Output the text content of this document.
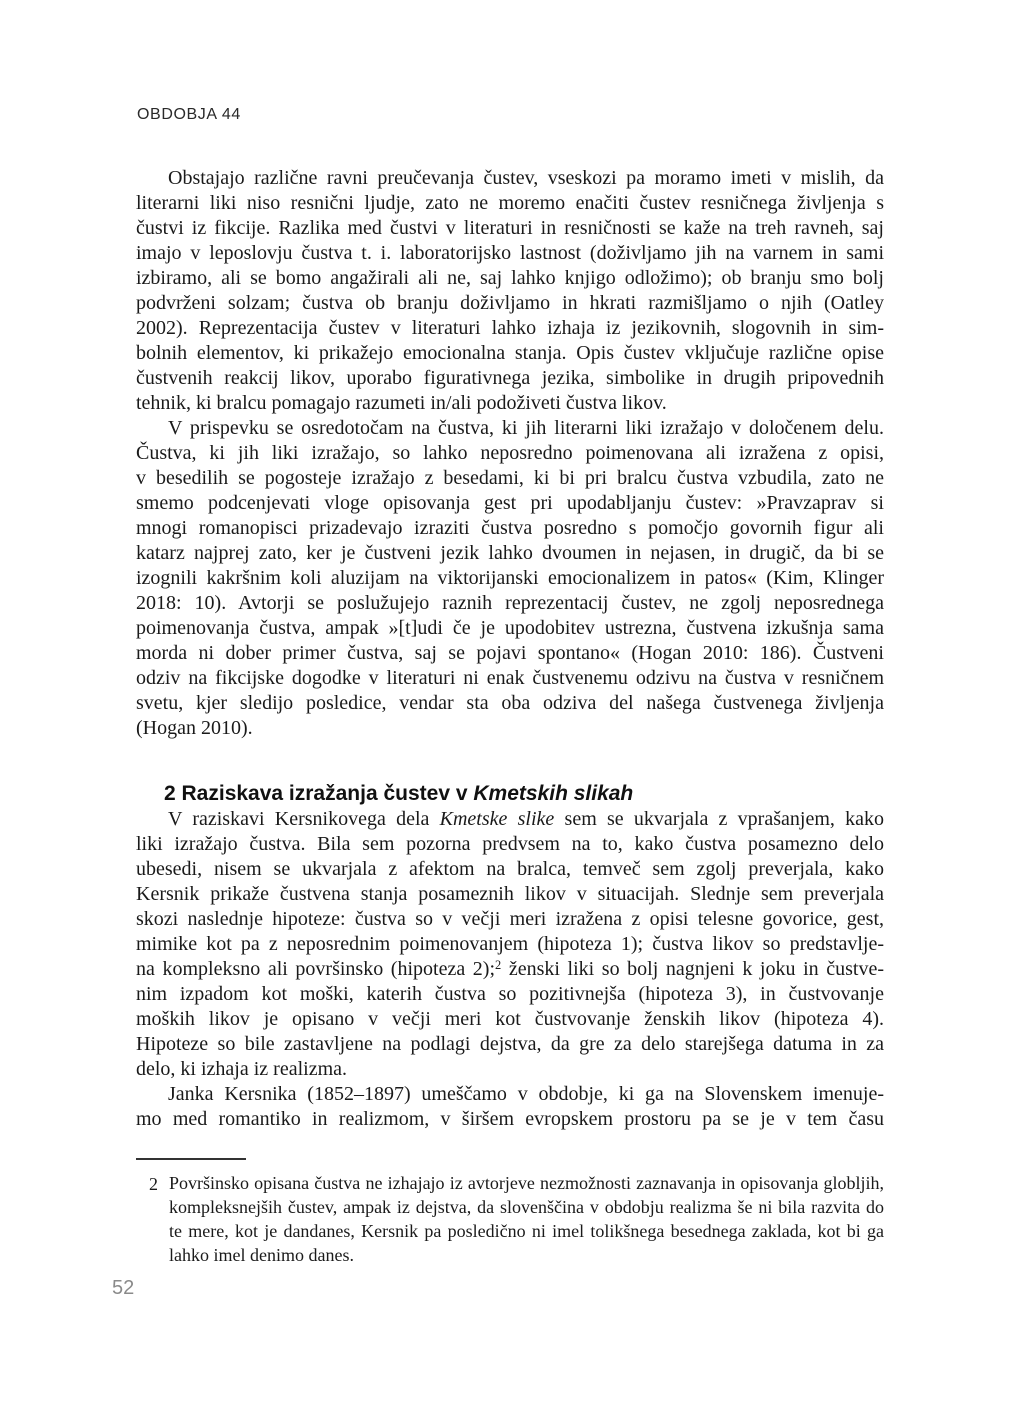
OBDOBJA 44
Obstajajo različne ravni preučevanja čustev, vseskozi pa moramo imeti v mislih, da
literarni liki niso resnični ljudje, zato ne moremo enačiti čustev resničnega življenja s
čustvi iz fikcije. Razlika med čustvi v literaturi in resničnosti se kaže na treh ravneh, saj
imajo v leposlovju čustva t. i. laboratorijsko lastnost (doživljamo jih na varnem in sami
izbiramo, ali se bomo angažirali ali ne, saj lahko knjigo odložimo); ob branju smo bolj
podvrženi solzam; čustva ob branju doživljamo in hkrati razmišljamo o njih (Oatley
2002). Reprezentacija čustev v literaturi lahko izhaja iz jezikovnih, slogovnih in sim-
bolnih elementov, ki prikažejo emocionalna stanja. Opis čustev vključuje različne opise
čustvenih reakcij likov, uporabo figurativnega jezika, simbolike in drugih pripovednih
tehnik, ki bralcu pomagajo razumeti in/ali podoživeti čustva likov.
V prispevku se osredotočam na čustva, ki jih literarni liki izražajo v določenem delu.
Čustva, ki jih liki izražajo, so lahko neposredno poimenovana ali izražena z opisi,
v besedilih se pogosteje izražajo z besedami, ki bi pri bralcu čustva vzbudila, zato ne
smemo podcenjevati vloge opisovanja gest pri upodabljanju čustev: »Pravzaprav si
mnogi romanopisci prizadevajo izraziti čustva posredno s pomočjo govornih figur ali
katarz najprej zato, ker je čustveni jezik lahko dvoumen in nejasen, in drugič, da bi se
izognili kakršnim koli aluzijam na viktorijanski emocionalizem in patos« (Kim, Klinger
2018: 10). Avtorji se poslužujejo raznih reprezentacij čustev, ne zgolj neposrednega
poimenovanja čustva, ampak »[t]udi če je upodobitev ustrezna, čustvena izkušnja sama
morda ni dober primer čustva, saj se pojavi spontano« (Hogan 2010: 186). Čustveni
odziv na fikcijske dogodke v literaturi ni enak čustvenemu odzivu na čustva v resničnem
svetu, kjer sledijo posledice, vendar sta oba odziva del našega čustvenega življenja
(Hogan 2010).
2 Raziskava izražanja čustev v Kmetskih slikah
V raziskavi Kersnikovega dela Kmetske slike sem se ukvarjala z vprašanjem, kako
liki izražajo čustva. Bila sem pozorna predvsem na to, kako čustva posamezno delo
ubesedi, nisem se ukvarjala z afektom na bralca, temveč sem zgolj preverjala, kako
Kersnik prikaže čustvena stanja posameznih likov v situacijah. Slednje sem preverjala
skozi naslednje hipoteze: čustva so v večji meri izražena z opisi telesne govorice, gest,
mimike kot pa z neposrednim poimenovanjem (hipoteza 1); čustva likov so predstavlje-
na kompleksno ali površinsko (hipoteza 2);$^2$ ženski liki so bolj nagnjeni k joku in čustve-
nim izpadom kot moški, katerih čustva so pozitivnejša (hipoteza 3), in čustvovanje
moških likov je opisano v večji meri kot čustvovanje ženskih likov (hipoteza 4).
Hipoteze so bile zastavljene na podlagi dejstva, da gre za delo starejšega datuma in za
delo, ki izhaja iz realizma.
Janka Kersnika (1852–1897) umeščamo v obdobje, ki ga na Slovenskem imenuje-
mo med romantiko in realizmom, v širšem evropskem prostoru pa se je v tem času
2 Površinsko opisana čustva ne izhajajo iz avtorjeve nezmožnosti zaznavanja in opisovanja globljih,
kompleksnejših čustev, ampak iz dejstva, da slovenščina v obdobju realizma še ni bila razvita do
te mere, kot je dandanes, Kersnik pa posledično ni imel tolikšnega besednega zaklada, kot bi ga
lahko imel denimo danes.
52
